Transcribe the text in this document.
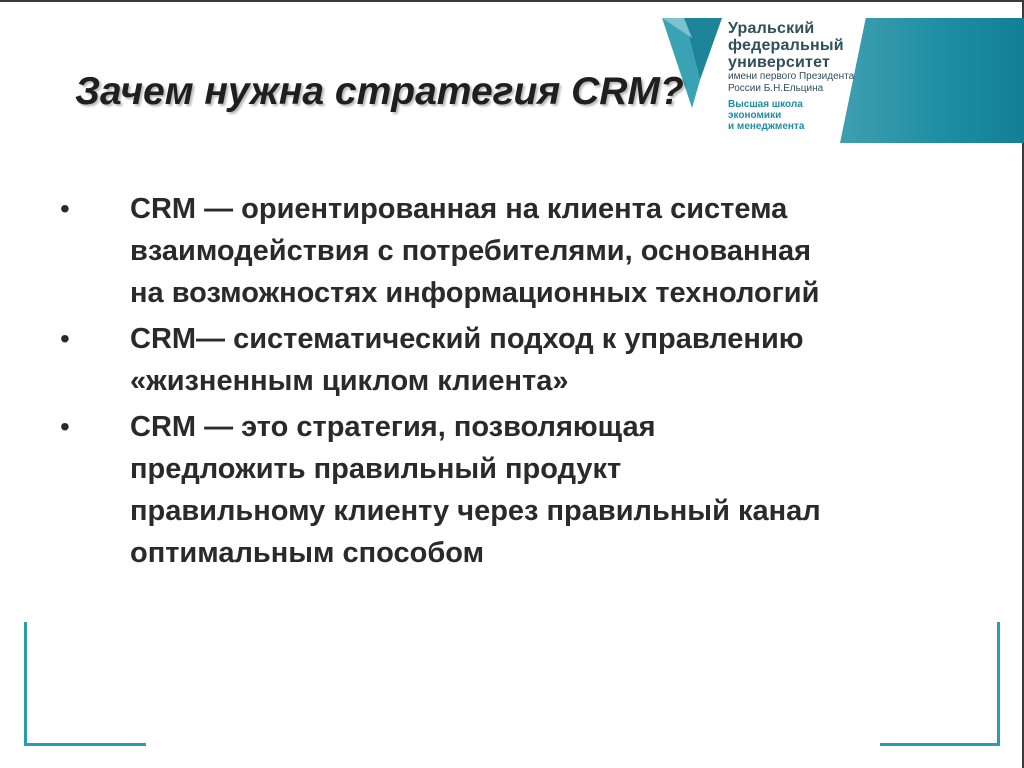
Уральский
федеральный
университет
имени первого Президента
России Б.Н.Ельцина
Высшая школа
экономики
и менеджмента
Зачем нужна стратегия CRM?
• CRM — ориентированная на клиента система
взаимодействия с потребителями, основанная
на возможностях информационных технологий
• CRM— систематический подход к управлению
«жизненным циклом клиента»
• CRM — это стратегия, позволяющая
предложить правильный продукт
правильному клиенту через правильный канал
оптимальным способом
